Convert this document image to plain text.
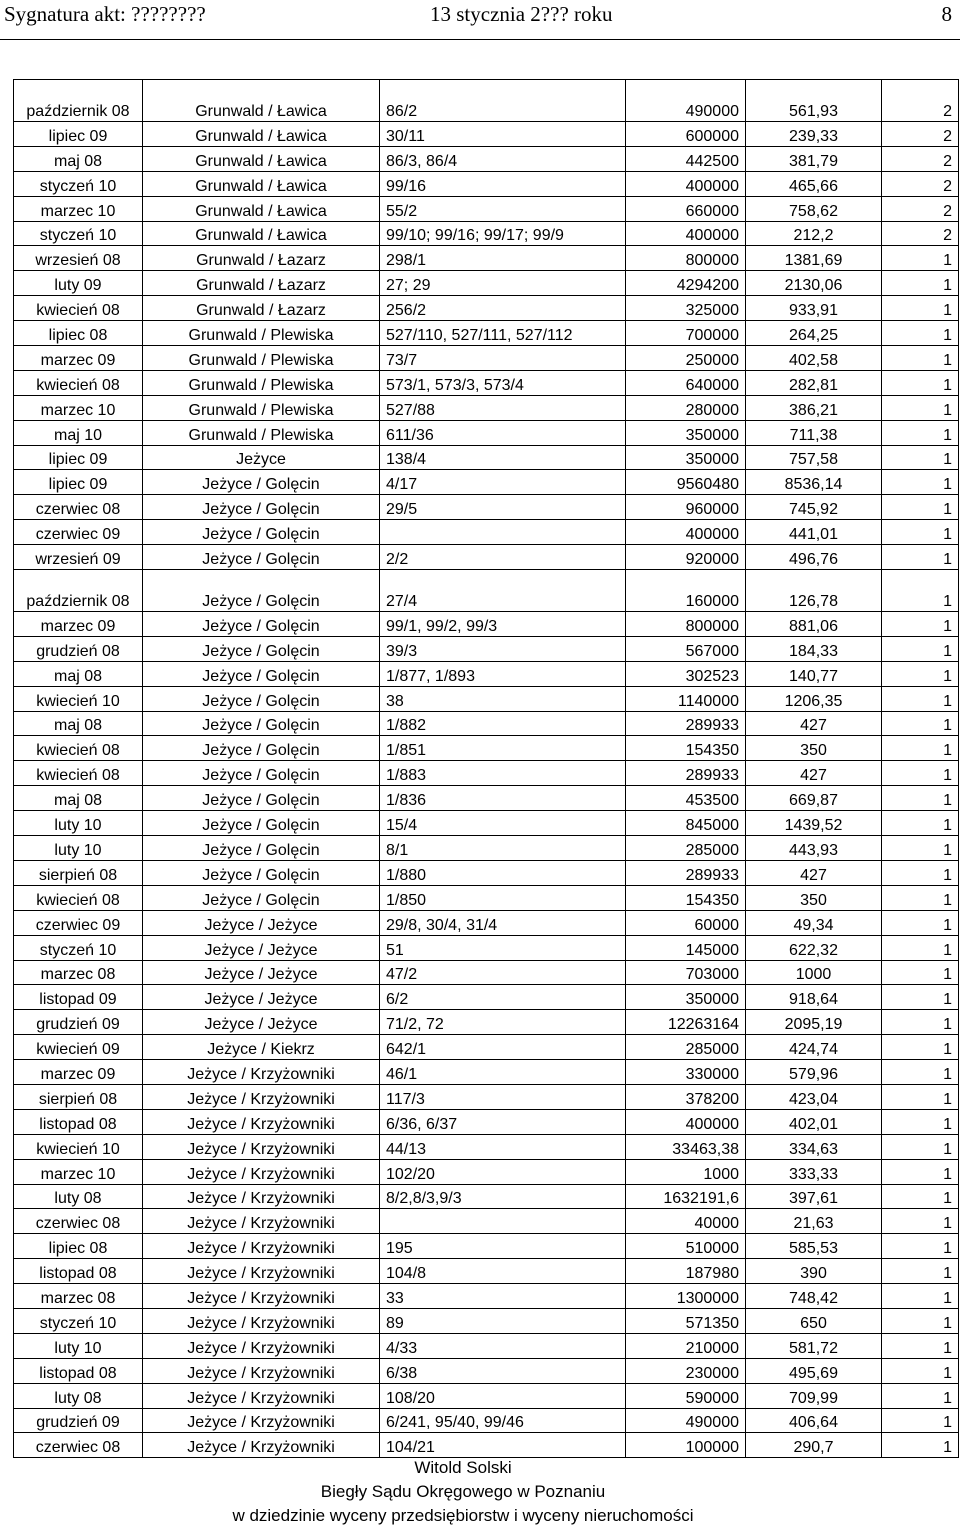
Sygnatura akt: ????????	13 stycznia 2??? roku	8
październik 08	Grunwald / Ławica	86/2	490000	561,93	2
lipiec 09	Grunwald / Ławica	30/11	600000	239,33	2
maj 08	Grunwald / Ławica	86/3, 86/4	442500	381,79	2
styczeń 10	Grunwald / Ławica	99/16	400000	465,66	2
marzec 10	Grunwald / Ławica	55/2	660000	758,62	2
styczeń 10	Grunwald / Ławica	99/10; 99/16; 99/17; 99/9	400000	212,2	2
wrzesień 08	Grunwald / Łazarz	298/1	800000	1381,69	1
luty 09	Grunwald / Łazarz	27; 29	4294200	2130,06	1
kwiecień 08	Grunwald / Łazarz	256/2	325000	933,91	1
lipiec 08	Grunwald / Plewiska	527/110, 527/111, 527/112	700000	264,25	1
marzec 09	Grunwald / Plewiska	73/7	250000	402,58	1
kwiecień 08	Grunwald / Plewiska	573/1, 573/3, 573/4	640000	282,81	1
marzec 10	Grunwald / Plewiska	527/88	280000	386,21	1
maj 10	Grunwald / Plewiska	611/36	350000	711,38	1
lipiec 09	Jeżyce	138/4	350000	757,58	1
lipiec 09	Jeżyce / Golęcin	4/17	9560480	8536,14	1
czerwiec 08	Jeżyce / Golęcin	29/5	960000	745,92	1
czerwiec 09	Jeżyce / Golęcin		400000	441,01	1
wrzesień 09	Jeżyce / Golęcin	2/2	920000	496,76	1
październik 08	Jeżyce / Golęcin	27/4	160000	126,78	1
marzec 09	Jeżyce / Golęcin	99/1, 99/2, 99/3	800000	881,06	1
grudzień 08	Jeżyce / Golęcin	39/3	567000	184,33	1
maj 08	Jeżyce / Golęcin	1/877, 1/893	302523	140,77	1
kwiecień 10	Jeżyce / Golęcin	38	1140000	1206,35	1
maj 08	Jeżyce / Golęcin	1/882	289933	427	1
kwiecień 08	Jeżyce / Golęcin	1/851	154350	350	1
kwiecień 08	Jeżyce / Golęcin	1/883	289933	427	1
maj 08	Jeżyce / Golęcin	1/836	453500	669,87	1
luty 10	Jeżyce / Golęcin	15/4	845000	1439,52	1
luty 10	Jeżyce / Golęcin	8/1	285000	443,93	1
sierpień 08	Jeżyce / Golęcin	1/880	289933	427	1
kwiecień 08	Jeżyce / Golęcin	1/850	154350	350	1
czerwiec 09	Jeżyce / Jeżyce	29/8, 30/4, 31/4	60000	49,34	1
styczeń 10	Jeżyce / Jeżyce	51	145000	622,32	1
marzec 08	Jeżyce / Jeżyce	47/2	703000	1000	1
listopad 09	Jeżyce / Jeżyce	6/2	350000	918,64	1
grudzień 09	Jeżyce / Jeżyce	71/2, 72	12263164	2095,19	1
kwiecień 09	Jeżyce / Kiekrz	642/1	285000	424,74	1
marzec 09	Jeżyce / Krzyżowniki	46/1	330000	579,96	1
sierpień 08	Jeżyce / Krzyżowniki	117/3	378200	423,04	1
listopad 08	Jeżyce / Krzyżowniki	6/36, 6/37	400000	402,01	1
kwiecień 10	Jeżyce / Krzyżowniki	44/13	33463,38	334,63	1
marzec 10	Jeżyce / Krzyżowniki	102/20	1000	333,33	1
luty 08	Jeżyce / Krzyżowniki	8/2,8/3,9/3	1632191,6	397,61	1
czerwiec 08	Jeżyce / Krzyżowniki		40000	21,63	1
lipiec 08	Jeżyce / Krzyżowniki	195	510000	585,53	1
listopad 08	Jeżyce / Krzyżowniki	104/8	187980	390	1
marzec 08	Jeżyce / Krzyżowniki	33	1300000	748,42	1
styczeń 10	Jeżyce / Krzyżowniki	89	571350	650	1
luty 10	Jeżyce / Krzyżowniki	4/33	210000	581,72	1
listopad 08	Jeżyce / Krzyżowniki	6/38	230000	495,69	1
luty 08	Jeżyce / Krzyżowniki	108/20	590000	709,99	1
grudzień 09	Jeżyce / Krzyżowniki	6/241, 95/40, 99/46	490000	406,64	1
czerwiec 08	Jeżyce / Krzyżowniki	104/21	100000	290,7	1
Witold Solski
Biegły Sądu Okręgowego w Poznaniu
w dziedzinie wyceny przedsiębiorstw i wyceny nieruchomości
